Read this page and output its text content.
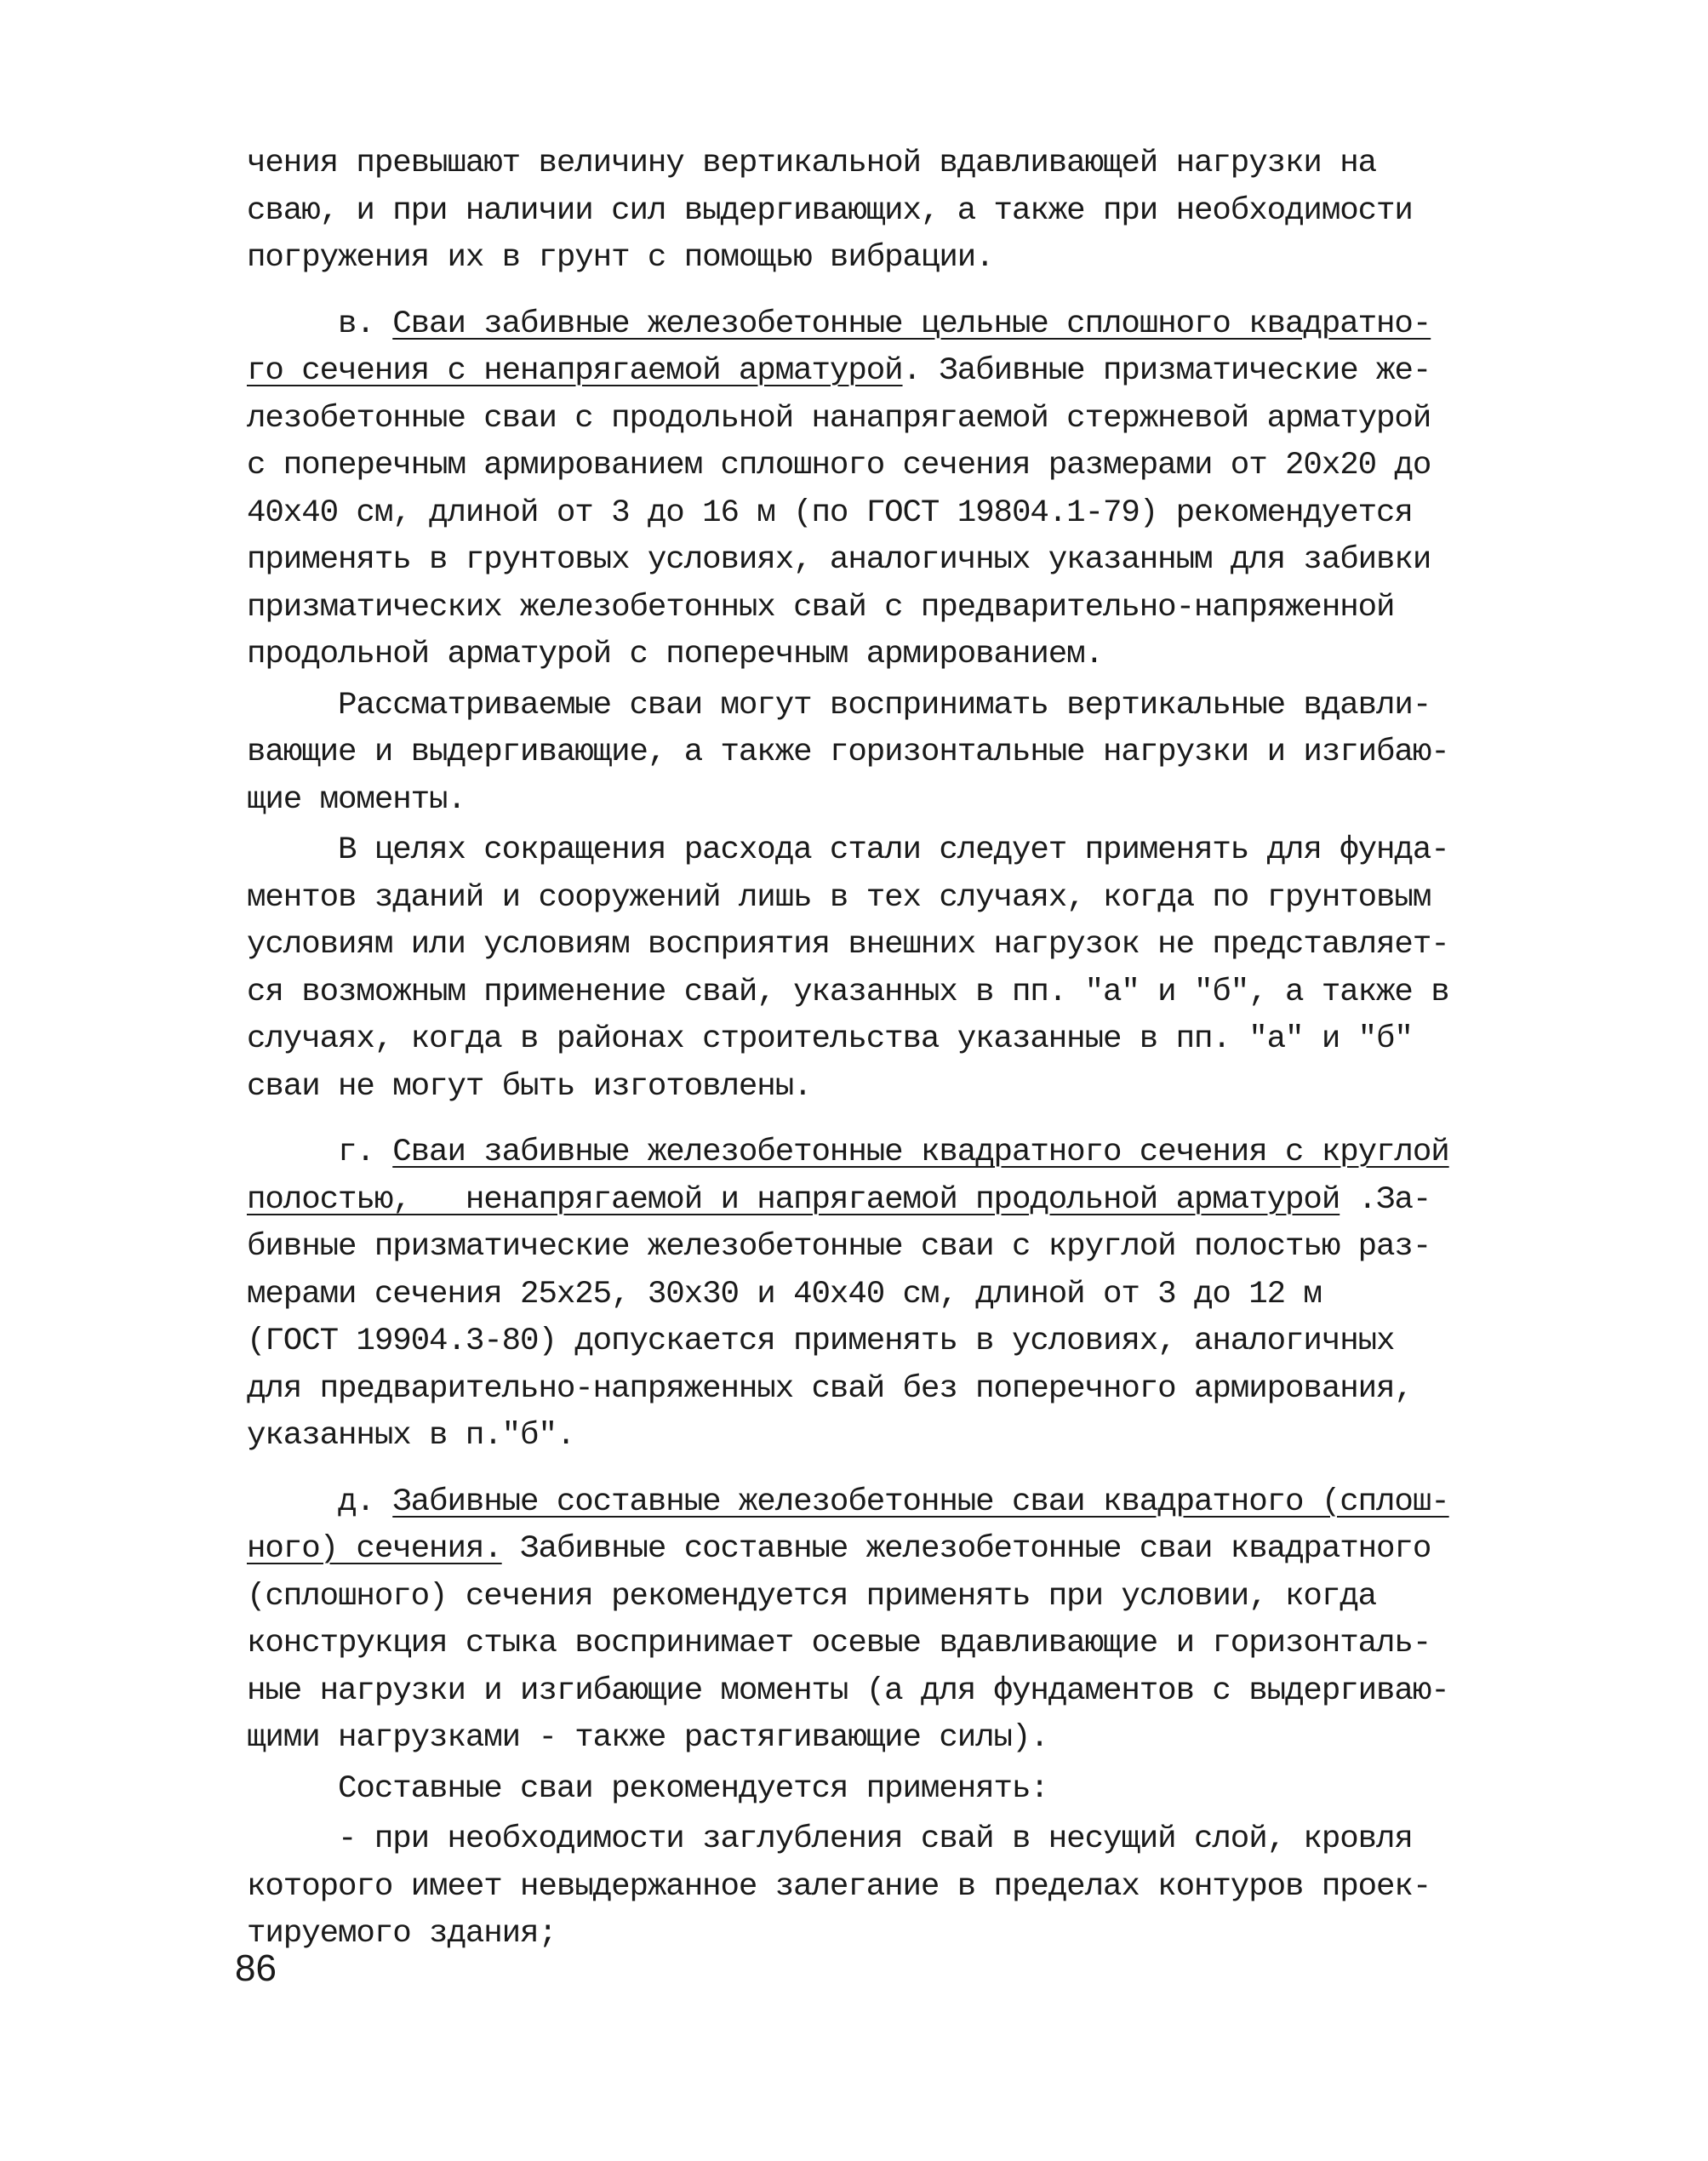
чения превышают величину вертикальной вдавливающей нагрузки на
сваю, и при наличии сил выдергивающих, а также при необходимости
погружения их в грунт с помощью вибрации.

в. Сваи забивные железобетонные цельные сплошного квадратно-
го сечения с ненапрягаемой арматурой. Забивные призматические же-
лезобетонные сваи с продольной нанапрягаемой стержневой арматурой
с поперечным армированием сплошного сечения размерами от 20х20 до
40х40 см, длиной от 3 до 16 м (по ГОСТ 19804.1-79) рекомендуется
применять в грунтовых условиях, аналогичных указанным для забивки
призматических железобетонных свай с предварительно-напряженной
продольной арматурой с поперечным армированием.

Рассматриваемые сваи могут воспринимать вертикальные вдавли-
вающие и выдергивающие, а также горизонтальные нагрузки и изгибаю-
щие моменты.

В целях сокращения расхода стали следует применять для фунда-
ментов зданий и сооружений лишь в тех случаях, когда по грунтовым
условиям или условиям восприятия внешних нагрузок не представляет-
ся возможным применение свай, указанных в пп. "а" и "б", а также в
случаях, когда в районах строительства указанные в пп. "а" и "б"
сваи не могут быть изготовлены.

г. Сваи забивные железобетонные квадратного сечения с круглой
полостью,   ненапрягаемой и напрягаемой продольной арматурой .За-
бивные призматические железобетонные сваи с круглой полостью раз-
мерами сечения 25х25, 30х30 и 40х40 см, длиной от 3 до 12 м
(ГОСТ 19904.3-80) допускается применять в условиях, аналогичных
для предварительно-напряженных свай без поперечного армирования,
указанных в п."б".

д. Забивные составные железобетонные сваи квадратного (сплош-
ного) сечения. Забивные составные железобетонные сваи квадратного
(сплошного) сечения рекомендуется применять при условии, когда
конструкция стыка воспринимает осевые вдавливающие и горизонталь-
ные нагрузки и изгибающие моменты (а для фундаментов с выдергиваю-
щими нагрузками - также растягивающие силы).

Составные сваи рекомендуется применять:

- при необходимости заглубления свай в несущий слой, кровля
которого имеет невыдержанное залегание в пределах контуров проек-
тируемого здания;

86
